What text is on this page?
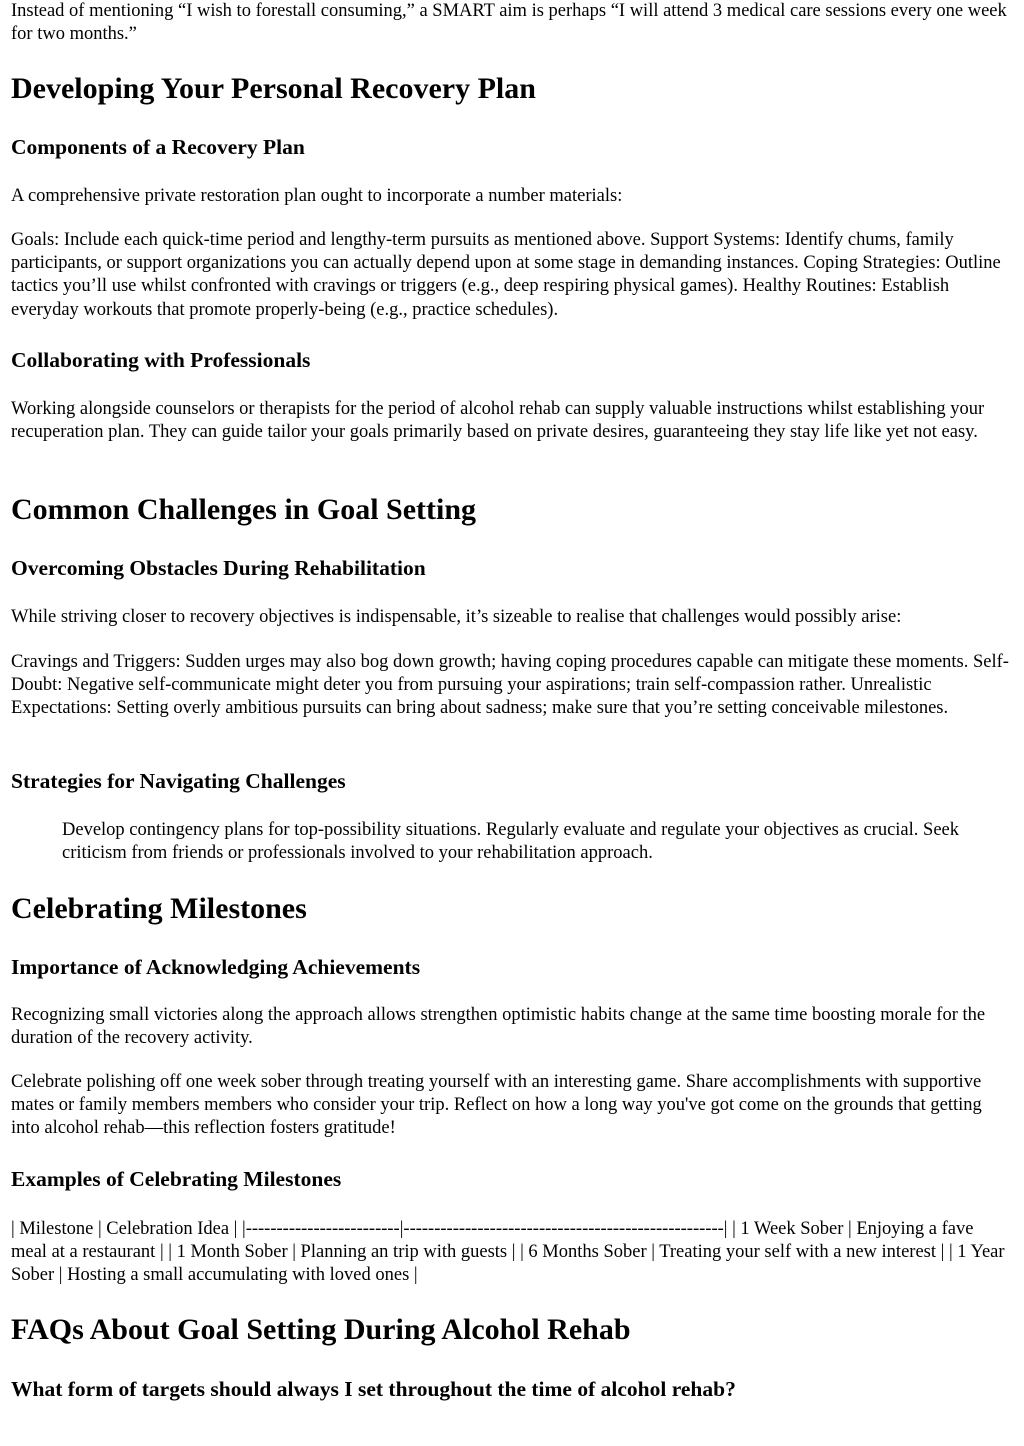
Instead of mentioning “I wish to forestall consuming,” a SMART aim is perhaps “I will attend 3 medical care sessions every one week for two months.”

Developing Your Personal Recovery Plan
Components of a Recovery Plan

A comprehensive private restoration plan ought to incorporate a number materials:

Goals: Include each quick-time period and lengthy-term pursuits as mentioned above. Support Systems: Identify chums, family participants, or support organizations you can actually depend upon at some stage in demanding instances. Coping Strategies: Outline tactics you’ll use whilst confronted with cravings or triggers (e.g., deep respiring physical games). Healthy Routines: Establish everyday workouts that promote properly-being (e.g., practice schedules).

Collaborating with Professionals

Working alongside counselors or therapists for the period of alcohol rehab can supply valuable instructions whilst establishing your recuperation plan. They can guide tailor your goals primarily based on private desires, guaranteeing they stay life like yet not easy.

Common Challenges in Goal Setting
Overcoming Obstacles During Rehabilitation

While striving closer to recovery objectives is indispensable, it’s sizeable to realise that challenges would possibly arise:

Cravings and Triggers: Sudden urges may also bog down growth; having coping procedures capable can mitigate these moments. Self-Doubt: Negative self-communicate might deter you from pursuing your aspirations; train self-compassion rather. Unrealistic Expectations: Setting overly ambitious pursuits can bring about sadness; make sure that you’re setting conceivable milestones.

Strategies for Navigating Challenges

Develop contingency plans for top-possibility situations. Regularly evaluate and regulate your objectives as crucial. Seek criticism from friends or professionals involved to your rehabilitation approach.

Celebrating Milestones
Importance of Acknowledging Achievements

Recognizing small victories along the approach allows strengthen optimistic habits change at the same time boosting morale for the duration of the recovery activity.

Celebrate polishing off one week sober through treating yourself with an interesting game. Share accomplishments with supportive mates or family members members who consider your trip. Reflect on how a long way you've got come on the grounds that getting into alcohol rehab—this reflection fosters gratitude!

Examples of Celebrating Milestones

| Milestone | Celebration Idea | |-------------------------|----------------------------------------------------| | 1 Week Sober | Enjoying a fave meal at a restaurant | | 1 Month Sober | Planning an trip with guests | | 6 Months Sober | Treating your self with a new interest | | 1 Year Sober | Hosting a small accumulating with loved ones |

FAQs About Goal Setting During Alcohol Rehab
What form of targets should always I set throughout the time of alcohol rehab?
